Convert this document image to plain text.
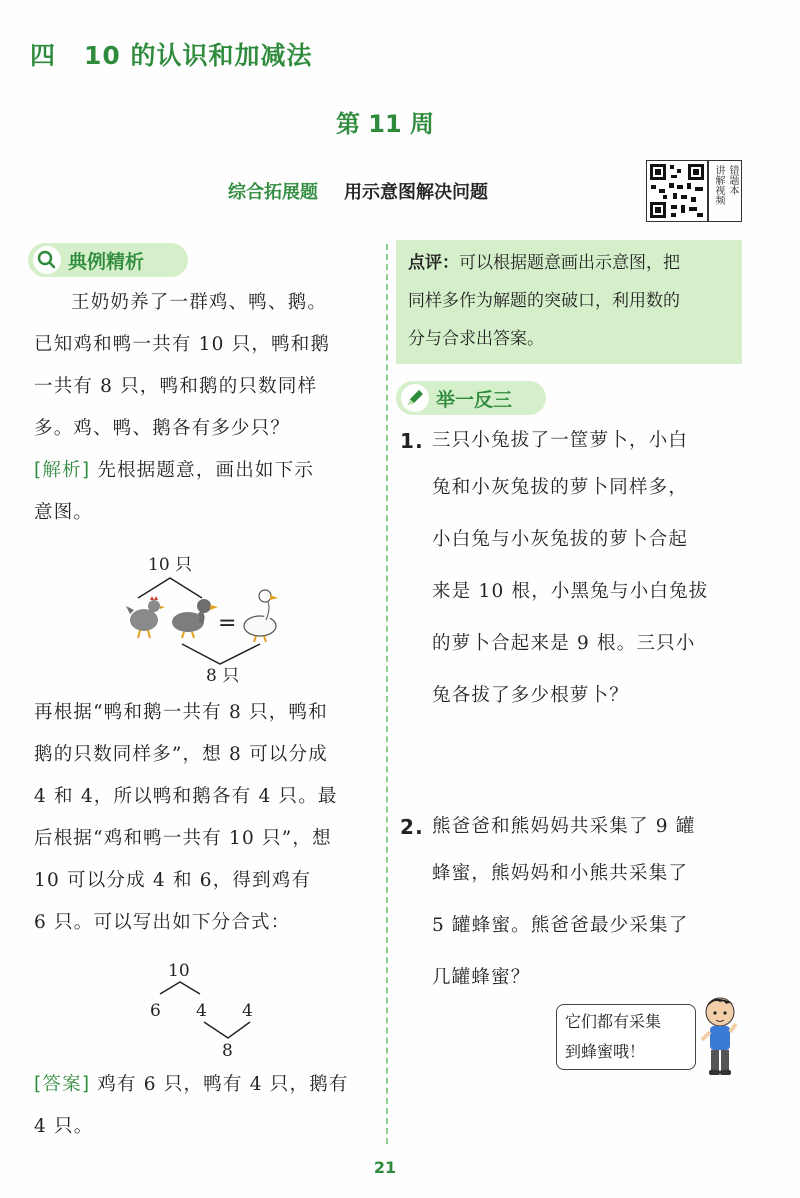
四 10 的认识和加减法
第 11 周
综合拓展题 用示意图解决问题	错题本
讲解视频
典例精析
王奶奶养了一群鸡、鸭、鹅。
已知鸡和鸭一共有 10 只，鸭和鹅
一共有 8 只，鸭和鹅的只数同样
多。鸡、鸭、鹅各有多少只？
[解析] 先根据题意，画出如下示
意图。
10 只
=
8 只
再根据“鸭和鹅一共有 8 只，鸭和
鹅的只数同样多”，想 8 可以分成
4 和 4，所以鸭和鹅各有 4 只。最
后根据“鸡和鸭一共有 10 只”，想
10 可以分成 4 和 6，得到鸡有
6 只。可以写出如下分合式：
10
6 4 4
8
[答案] 鸡有 6 只，鸭有 4 只，鹅有
4 只。
点评：可以根据题意画出示意图，把
同样多作为解题的突破口，利用数的
分与合求出答案。
举一反三
1. 三只小兔拔了一筐萝卜，小白
兔和小灰兔拔的萝卜同样多，
小白兔与小灰兔拔的萝卜合起
来是 10 根，小黑兔与小白兔拔
的萝卜合起来是 9 根。三只小
兔各拔了多少根萝卜？
2. 熊爸爸和熊妈妈共采集了 9 罐
蜂蜜，熊妈妈和小熊共采集了
5 罐蜂蜜。熊爸爸最少采集了
几罐蜂蜜？
它们都有采集
到蜂蜜哦！
21
